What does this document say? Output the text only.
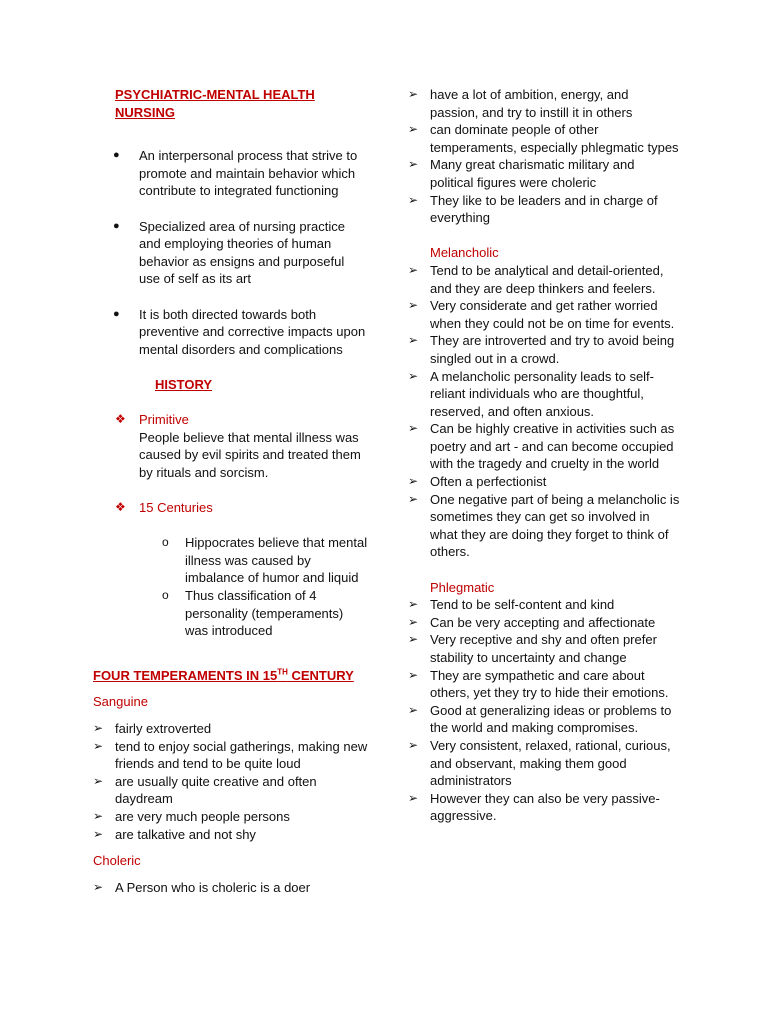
PSYCHIATRIC-MENTAL HEALTH NURSING
● An interpersonal process that strive to promote and maintain behavior which contribute to integrated functioning
● Specialized area of nursing practice and employing theories of human behavior as ensigns and purposeful use of self as its art
● It is both directed towards both preventive and corrective impacts upon mental disorders and complications
HISTORY
❖ Primitive
People believe that mental illness was caused by evil spirits and treated them by rituals and sorcism.
❖ 15 Centuries
o Hippocrates believe that mental illness was caused by imbalance of humor and liquid
o Thus classification of 4 personality (temperaments) was introduced
FOUR TEMPERAMENTS IN 15TH CENTURY
Sanguine
➢ fairly extroverted
➢ tend to enjoy social gatherings, making new friends and tend to be quite loud
➢ are usually quite creative and often daydream
➢ are very much people persons
➢ are talkative and not shy
Choleric
➢ A Person who is choleric is a doer
➢ have a lot of ambition, energy, and passion, and try to instill it in others
➢ can dominate people of other temperaments, especially phlegmatic types
➢ Many great charismatic military and political figures were choleric
➢ They like to be leaders and in charge of everything
Melancholic
➢ Tend to be analytical and detail-oriented, and they are deep thinkers and feelers.
➢ Very considerate and get rather worried when they could not be on time for events.
➢ They are introverted and try to avoid being singled out in a crowd.
➢ A melancholic personality leads to self-reliant individuals who are thoughtful, reserved, and often anxious.
➢ Can be highly creative in activities such as poetry and art - and can become occupied with the tragedy and cruelty in the world
➢ Often a perfectionist
➢ One negative part of being a melancholic is sometimes they can get so involved in what they are doing they forget to think of others.
Phlegmatic
➢ Tend to be self-content and kind
➢ Can be very accepting and affectionate
➢ Very receptive and shy and often prefer stability to uncertainty and change
➢ They are sympathetic and care about others, yet they try to hide their emotions.
➢ Good at generalizing ideas or problems to the world and making compromises.
➢ Very consistent, relaxed, rational, curious, and observant, making them good administrators
➢ However they can also be very passive-aggressive.
